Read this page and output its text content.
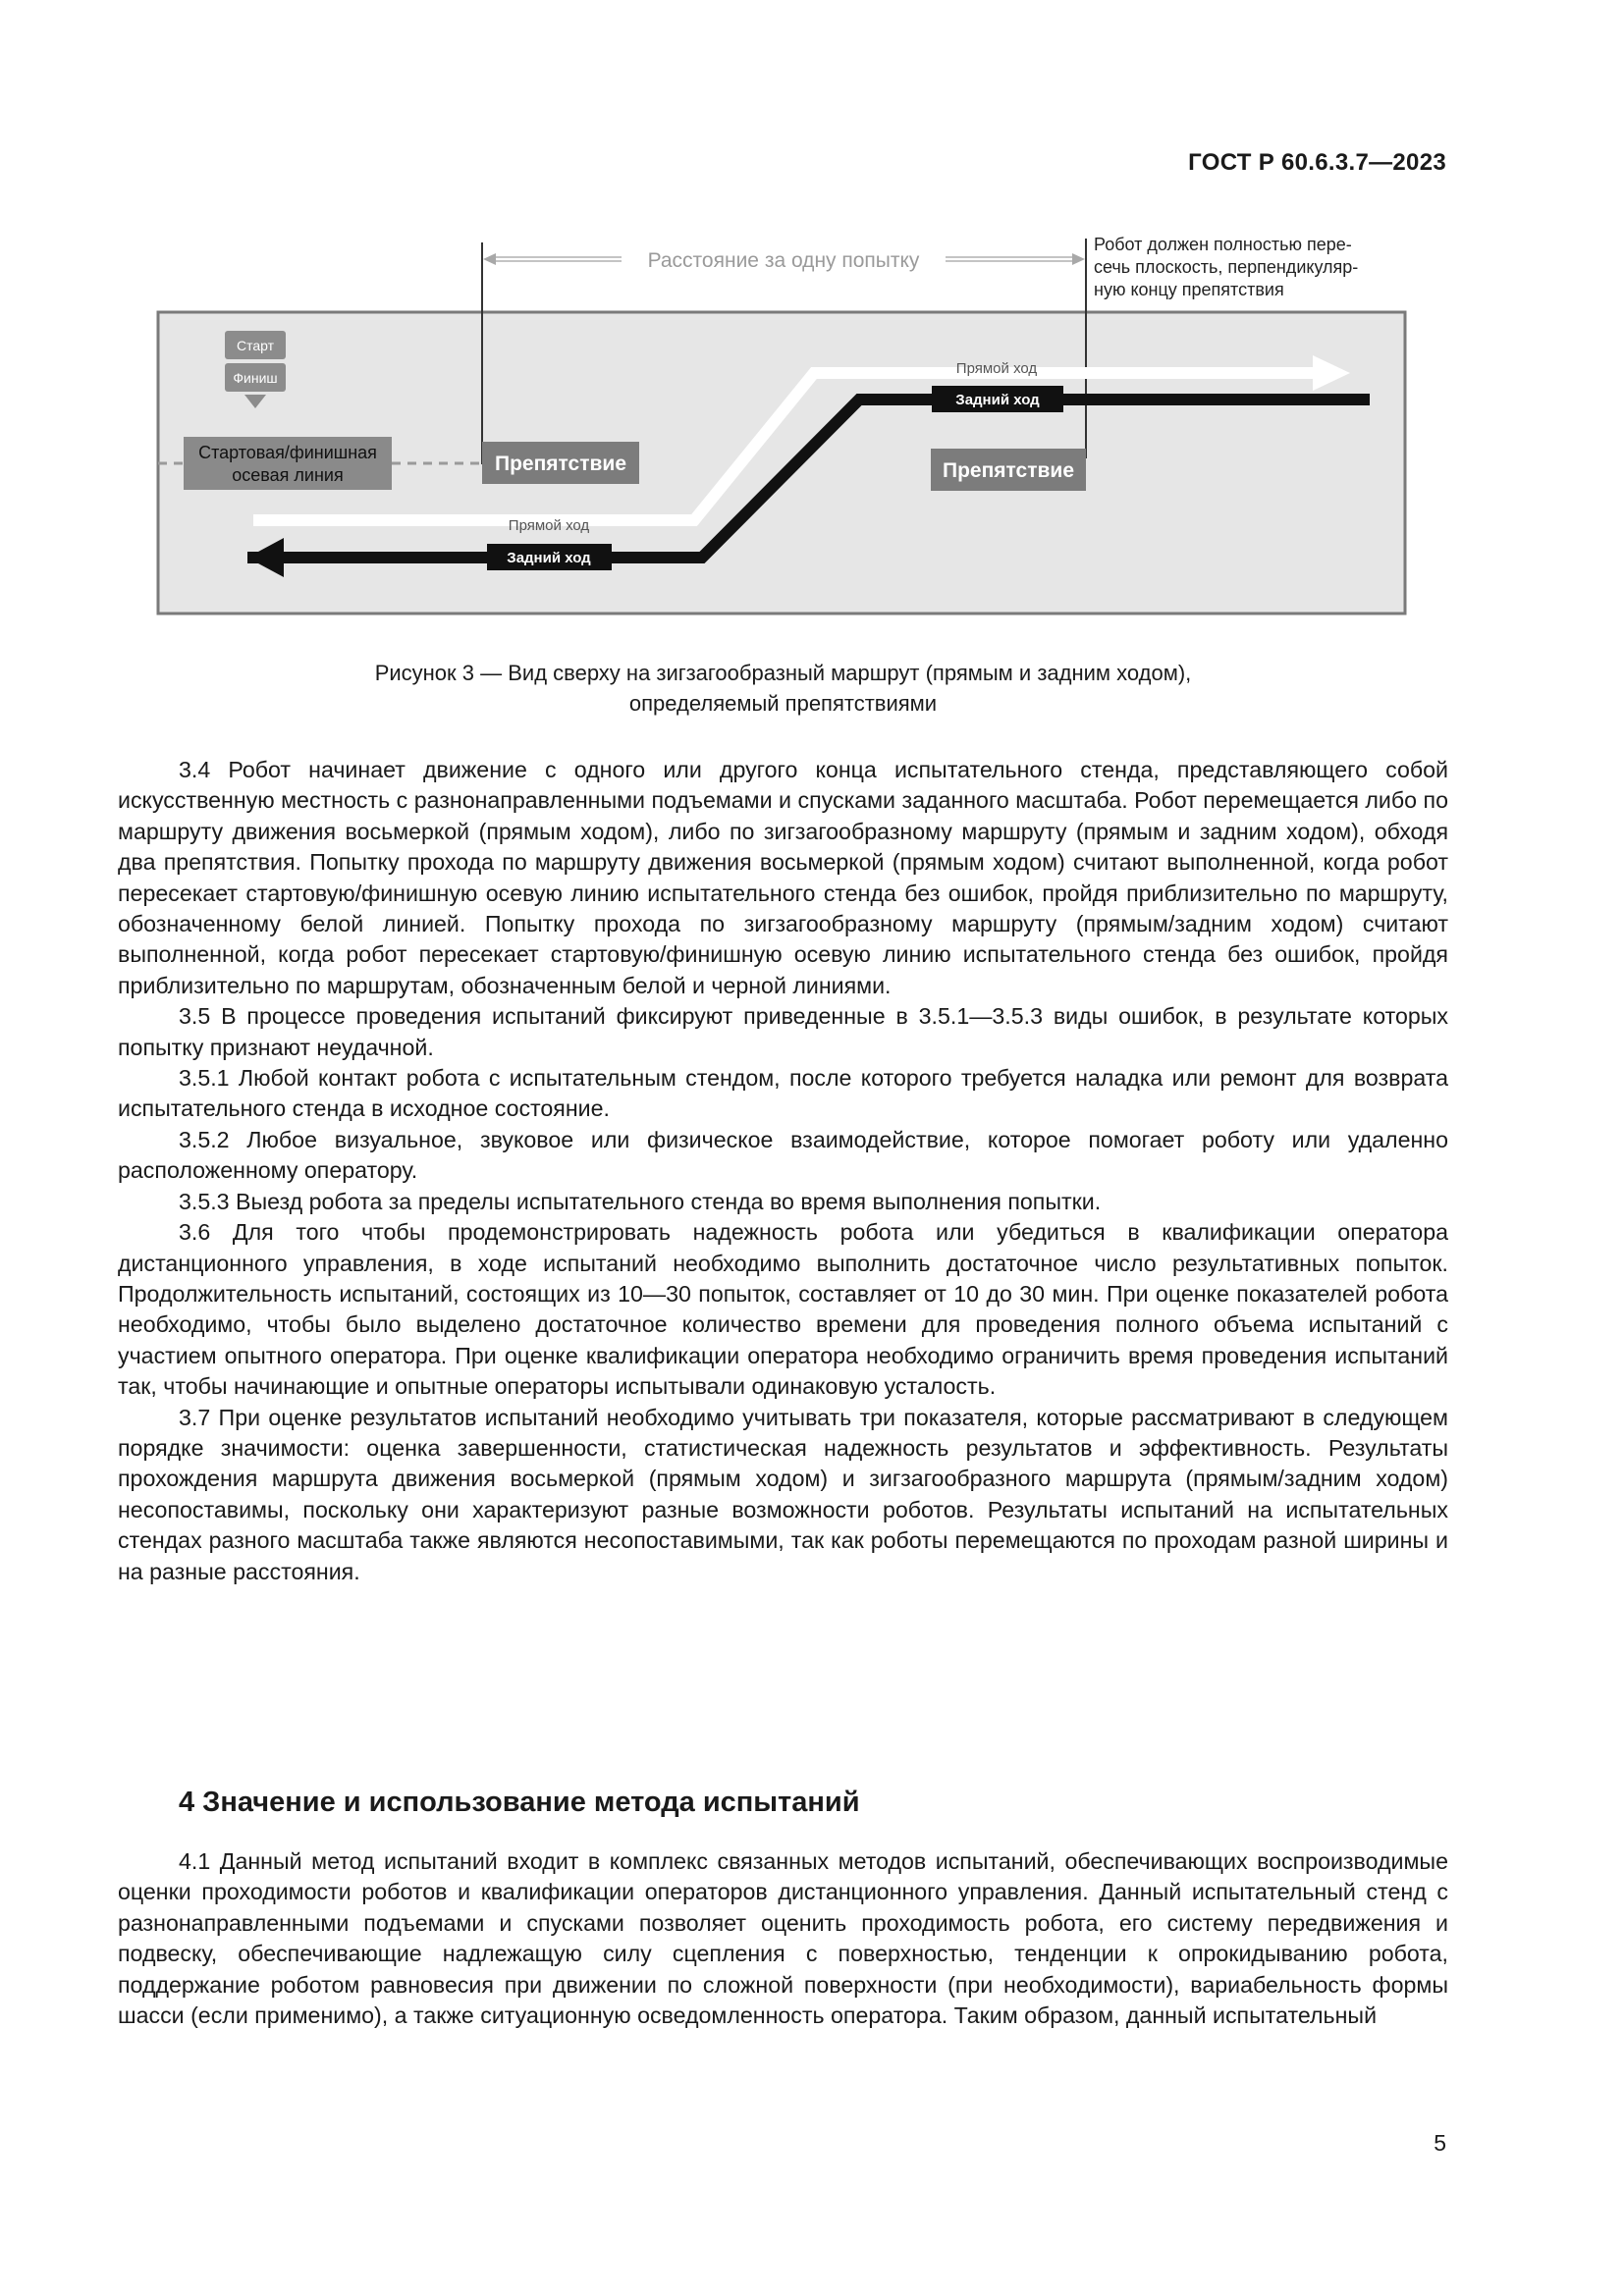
ГОСТ Р 60.6.3.7—2023
Расстояние за одну попытку
Робот должен полностью пере-
сечь плоскость, перпендикуляр-
ную концу препятствия
Старт
Финиш
Стартовая/финишная
осевая линия	Препятствие	Препятствие
Прямой ход
Задний ход
Прямой ход
Задний ход
Рисунок 3 — Вид сверху на зигзагообразный маршрут (прямым и задним ходом),
определяемый препятствиями

3.4 Робот начинает движение с одного или другого конца испытательного стенда, представляющего собой искусственную местность с разнонаправленными подъемами и спусками заданного масштаба. Робот перемещается либо по маршруту движения восьмеркой (прямым ходом), либо по зигзагообразному маршруту (прямым и задним ходом), обходя два препятствия. Попытку прохода по маршруту движения восьмеркой (прямым ходом) считают выполненной, когда робот пересекает стартовую/финишную осевую линию испытательного стенда без ошибок, пройдя приблизительно по маршруту, обозначенному белой линией. Попытку прохода по зигзагообразному маршруту (прямым/задним ходом) считают выполненной, когда робот пересекает стартовую/финишную осевую линию испытательного стенда без ошибок, пройдя приблизительно по маршрутам, обозначенным белой и черной линиями.

3.5 В процессе проведения испытаний фиксируют приведенные в 3.5.1—3.5.3 виды ошибок, в результате которых попытку признают неудачной.

3.5.1 Любой контакт робота с испытательным стендом, после которого требуется наладка или ремонт для возврата испытательного стенда в исходное состояние.

3.5.2 Любое визуальное, звуковое или физическое взаимодействие, которое помогает роботу или удаленно расположенному оператору.

3.5.3 Выезд робота за пределы испытательного стенда во время выполнения попытки.

3.6 Для того чтобы продемонстрировать надежность робота или убедиться в квалификации оператора дистанционного управления, в ходе испытаний необходимо выполнить достаточное число результативных попыток. Продолжительность испытаний, состоящих из 10—30 попыток, составляет от 10 до 30 мин. При оценке показателей робота необходимо, чтобы было выделено достаточное количество времени для проведения полного объема испытаний с участием опытного оператора. При оценке квалификации оператора необходимо ограничить время проведения испытаний так, чтобы начинающие и опытные операторы испытывали одинаковую усталость.

3.7 При оценке результатов испытаний необходимо учитывать три показателя, которые рассматривают в следующем порядке значимости: оценка завершенности, статистическая надежность результатов и эффективность. Результаты прохождения маршрута движения восьмеркой (прямым ходом) и зигзагообразного маршрута (прямым/задним ходом) несопоставимы, поскольку они характеризуют разные возможности роботов. Результаты испытаний на испытательных стендах разного масштаба также являются несопоставимыми, так как роботы перемещаются по проходам разной ширины и на разные расстояния.

4 Значение и использование метода испытаний

4.1 Данный метод испытаний входит в комплекс связанных методов испытаний, обеспечивающих воспроизводимые оценки проходимости роботов и квалификации операторов дистанционного управления. Данный испытательный стенд с разнонаправленными подъемами и спусками позволяет оценить проходимость робота, его систему передвижения и подвеску, обеспечивающие надлежащую силу сцепления с поверхностью, тенденции к опрокидыванию робота, поддержание роботом равновесия при движении по сложной поверхности (при необходимости), вариабельность формы шасси (если применимо), а также ситуационную осведомленность оператора. Таким образом, данный испытательный

5
